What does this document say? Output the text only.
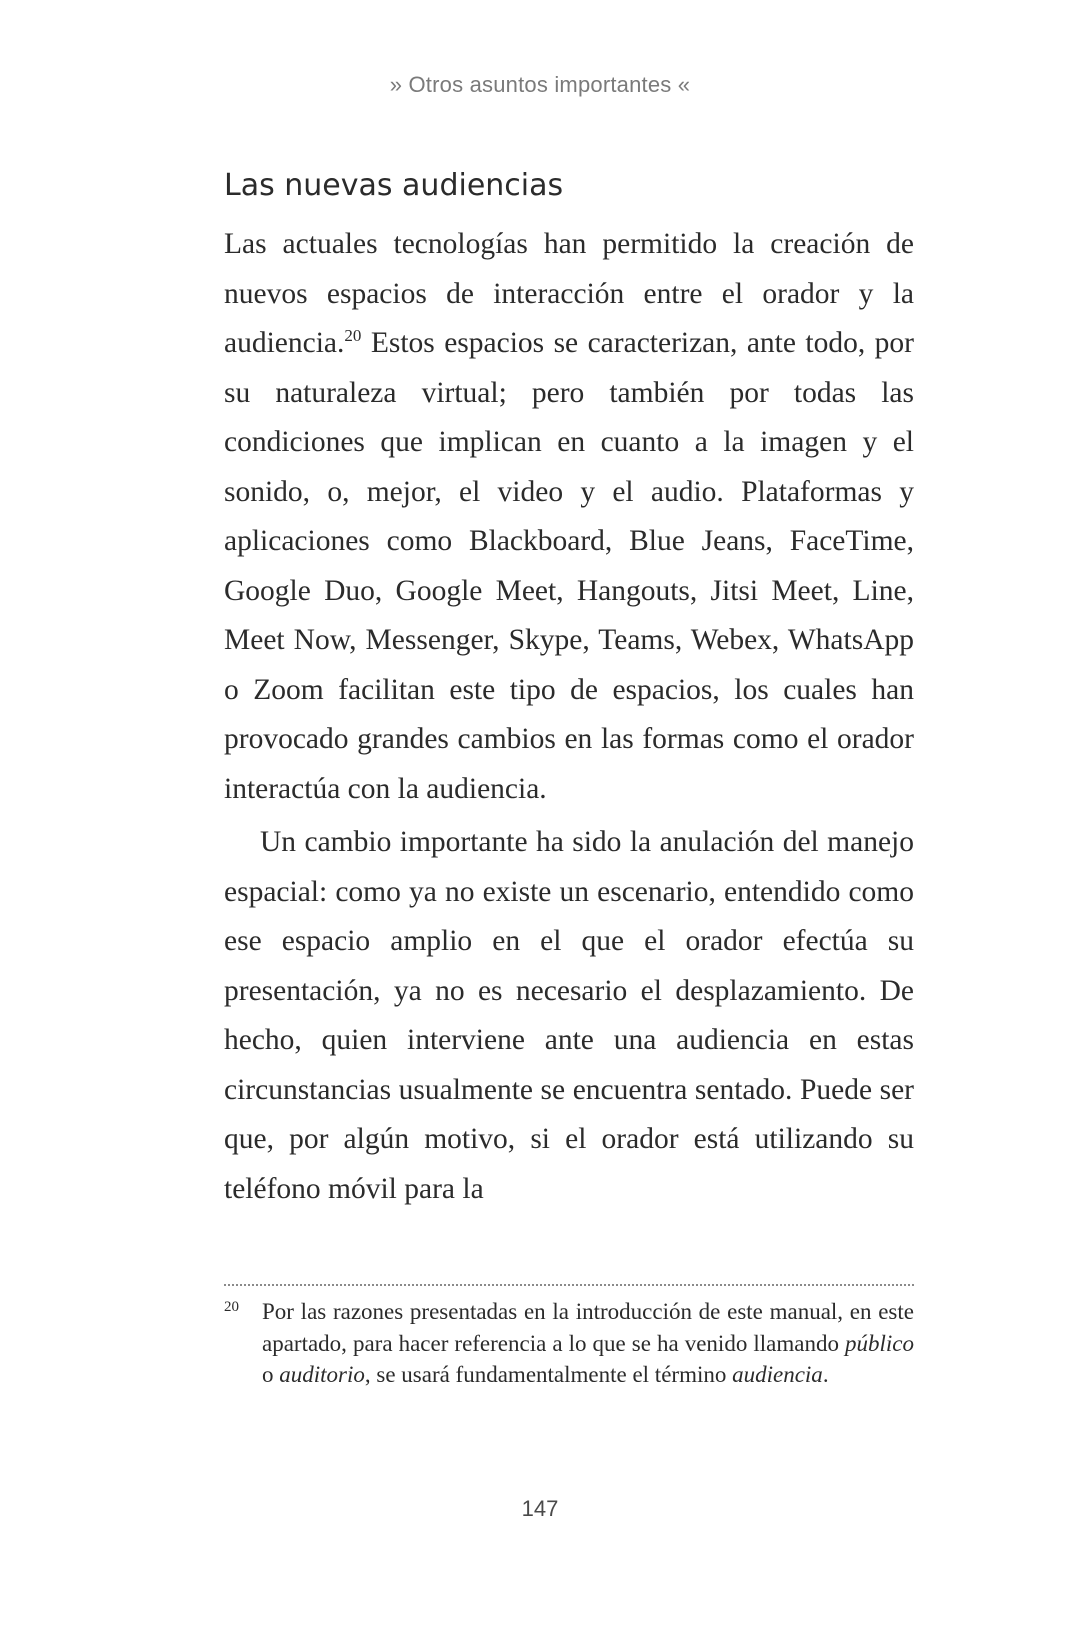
» Otros asuntos importantes «
Las nuevas audiencias

Las actuales tecnologías han permitido la creación de nuevos espacios de interacción entre el orador y la audiencia.$^{20}$ Estos espacios se caracterizan, ante todo, por su naturaleza virtual; pero también por todas las condiciones que implican en cuanto a la imagen y el sonido, o, mejor, el video y el audio. Plataformas y aplicaciones como Blackboard, Blue Jeans, FaceTime, Google Duo, Google Meet, Hangouts, Jitsi Meet, Line, Meet Now, Messenger, Skype, Teams, Webex, WhatsApp o Zoom facilitan este tipo de espacios, los cuales han provocado grandes cambios en las formas como el orador interactúa con la audiencia.

Un cambio importante ha sido la anulación del manejo espacial: como ya no existe un escenario, entendido como ese espacio amplio en el que el orador efectúa su presentación, ya no es necesario el desplazamiento. De hecho, quien interviene ante una audiencia en estas circunstancias usualmente se encuentra sentado. Puede ser que, por algún motivo, si el orador está utilizando su teléfono móvil para la

20	Por las razones presentadas en la introducción de este manual, en este apartado, para hacer referencia a lo que se ha venido llamando público o auditorio, se usará fundamentalmente el término audiencia.
147
